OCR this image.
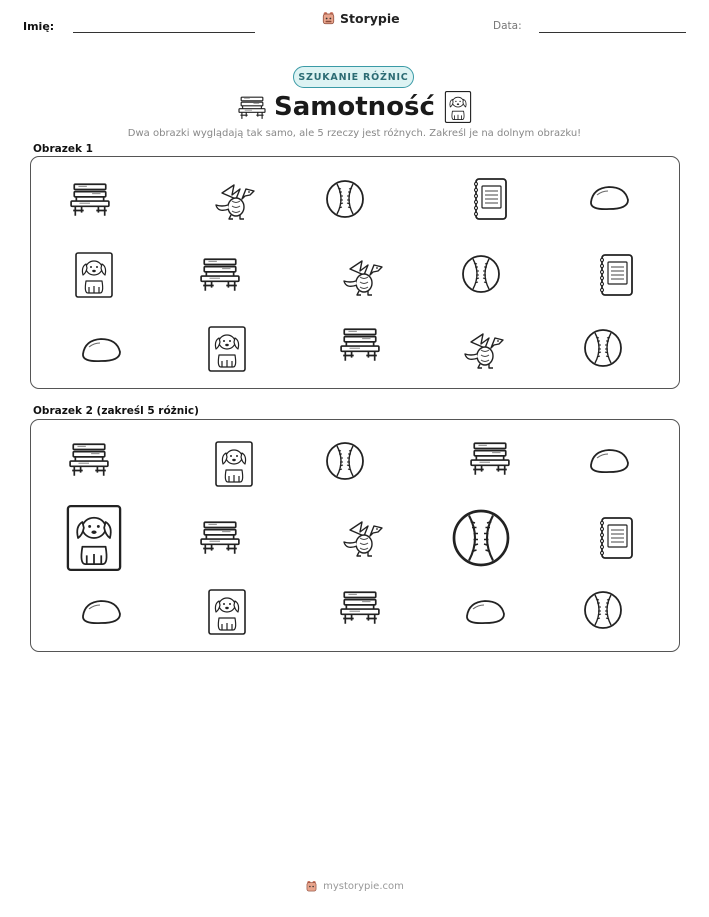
Imię:
Storypie	Data:
SZUKANIE RÓŻNIC
Samotność
Dwa obrazki wyglądają tak samo, ale 5 rzeczy jest różnych. Zakreśl je na dolnym obrazku!
Obrazek 1
Obrazek 2 (zakreśl 5 różnic)
mystorypie.com
